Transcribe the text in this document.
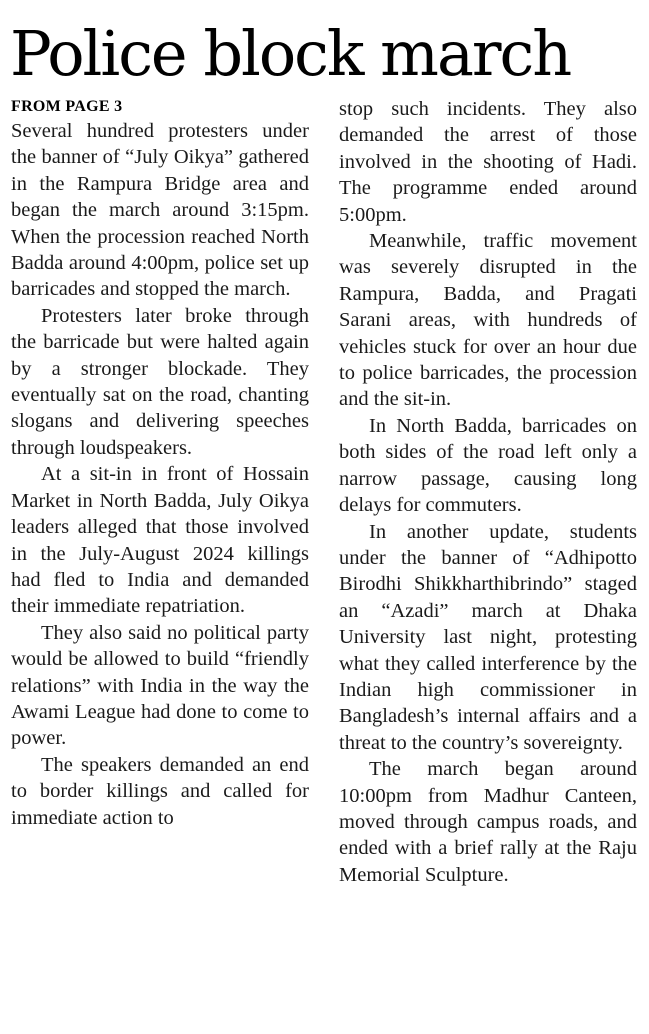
Police block march

FROM PAGE 3

Several hundred protesters under the banner of “July Oikya” gathered in the Rampura Bridge area and began the march around 3:15pm. When the procession reached North Badda around 4:00pm, police set up barricades and stopped the march.

Protesters later broke through the barricade but were halted again by a stronger blockade. They eventually sat on the road, chanting slogans and delivering speeches through loudspeakers.

At a sit-in in front of Hossain Market in North Badda, July Oikya leaders alleged that those involved in the July-August 2024 killings had fled to India and demanded their immediate repatriation.

They also said no political party would be allowed to build “friendly relations” with India in the way the Awami League had done to come to power.

The speakers demanded an end to border killings and called for immediate action to

stop such incidents. They also demanded the arrest of those involved in the shooting of Hadi. The programme ended around 5:00pm.

Meanwhile, traffic movement was severely disrupted in the Rampura, Badda, and Pragati Sarani areas, with hundreds of vehicles stuck for over an hour due to police barricades, the procession and the sit-in.

In North Badda, barricades on both sides of the road left only a narrow passage, causing long delays for commuters.

In another update, students under the banner of “Adhipotto Birodhi Shikkharthibrindo” staged an “Azadi” march at Dhaka University last night, protesting what they called interference by the Indian high commissioner in Bangladesh’s internal affairs and a threat to the country’s sovereignty.

The march began around 10:00pm from Madhur Canteen, moved through campus roads, and ended with a brief rally at the Raju Memorial Sculpture.
